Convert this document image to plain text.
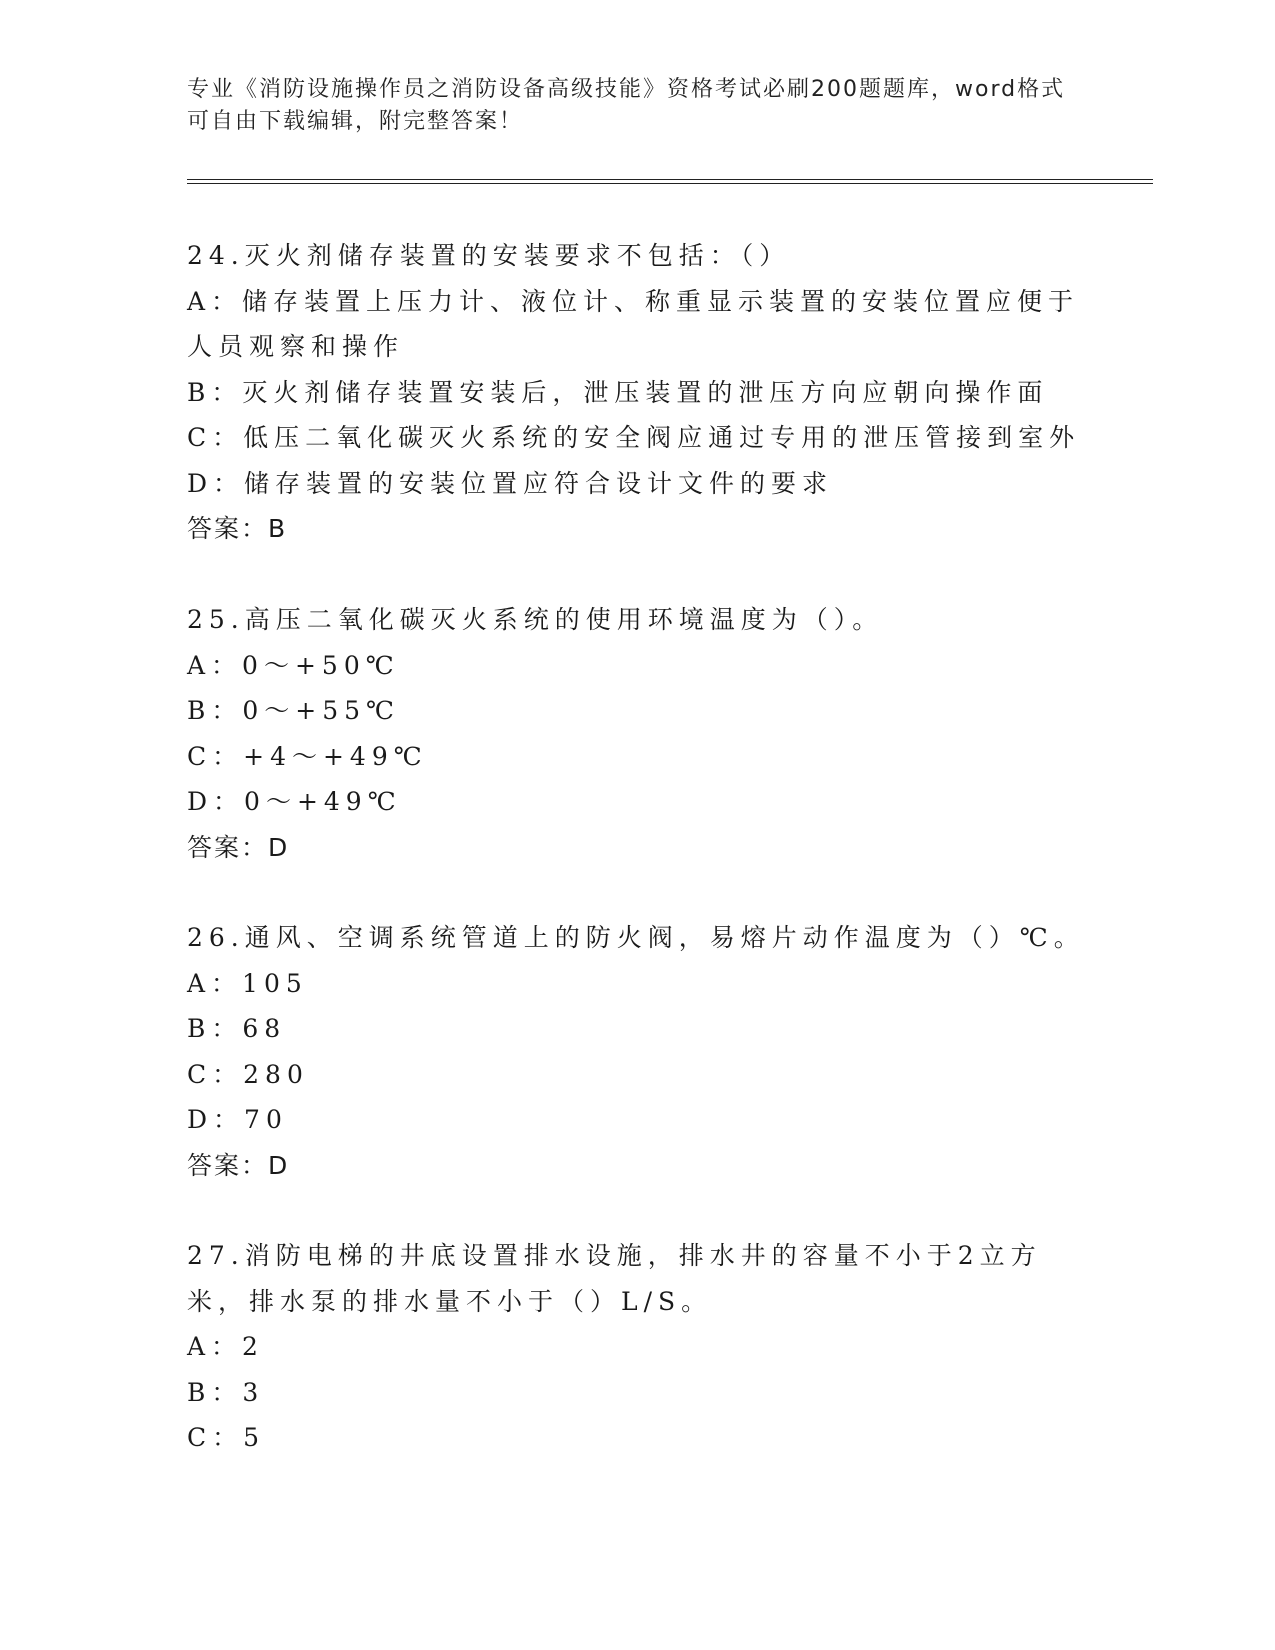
专业《消防设施操作员之消防设备高级技能》资格考试必刷200题题库，word格式可自由下载编辑，附完整答案！

24.灭火剂储存装置的安装要求不包括：（）

A：储存装置上压力计、液位计、称重显示装置的安装位置应便于人员观察和操作

B：灭火剂储存装置安装后，泄压装置的泄压方向应朝向操作面

C：低压二氧化碳灭火系统的安全阀应通过专用的泄压管接到室外

D：储存装置的安装位置应符合设计文件的要求

答案：B

25.高压二氧化碳灭火系统的使用环境温度为（）。

A：0～+50℃

B：0～+55℃

C：+4～+49℃

D：0～+49℃

答案：D

26.通风、空调系统管道上的防火阀，易熔片动作温度为（）℃。

A：105

B：68

C：280

D：70

答案：D

27.消防电梯的井底设置排水设施，排水井的容量不小于2立方米，排水泵的排水量不小于（）L/S。

A：2

B：3

C：5
